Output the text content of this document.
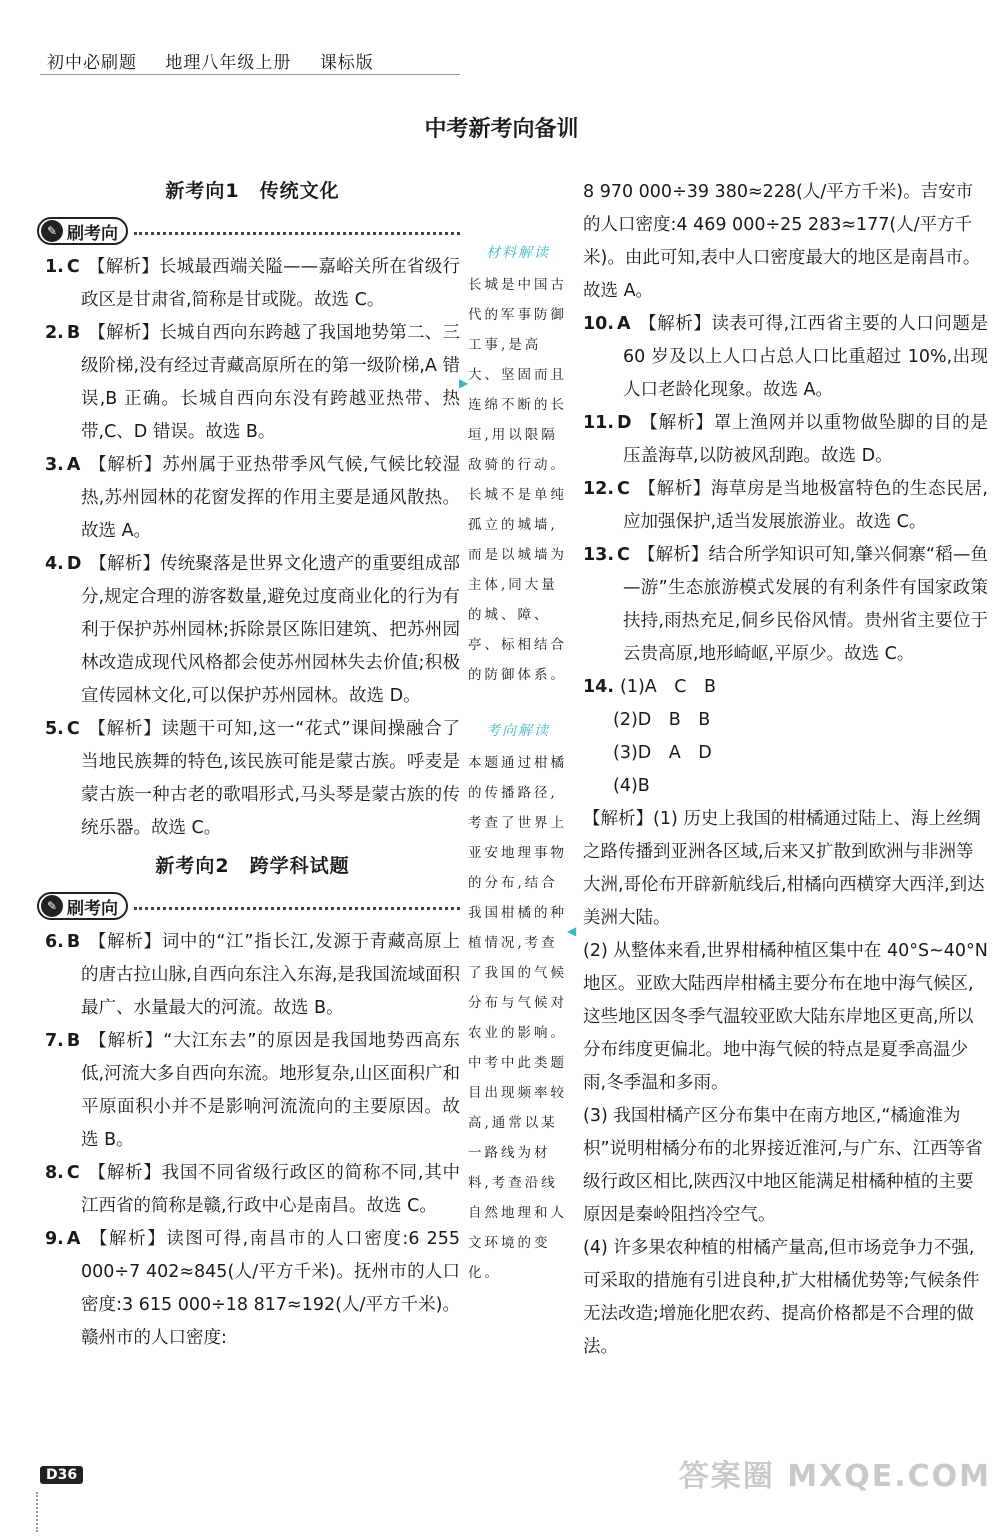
初中必刷题 地理八年级上册 课标版
中考新考向备训
新考向1　传统文化
✎ 刷考向
1. C 【解析】长城最西端关隘——嘉峪关所在省级行政区是甘肃省,简称是甘或陇。故选 C。
2. B 【解析】长城自西向东跨越了我国地势第二、三级阶梯,没有经过青藏高原所在的第一级阶梯,A 错误,B 正确。长城自西向东没有跨越亚热带、热带,C、D 错误。故选 B。
3. A 【解析】苏州属于亚热带季风气候,气候比较湿热,苏州园林的花窗发挥的作用主要是通风散热。故选 A。
4. D 【解析】传统聚落是世界文化遗产的重要组成部分,规定合理的游客数量,避免过度商业化的行为有利于保护苏州园林;拆除景区陈旧建筑、把苏州园林改造成现代风格都会使苏州园林失去价值;积极宣传园林文化,可以保护苏州园林。故选 D。
5. C 【解析】读题干可知,这一“花式”课间操融合了当地民族舞的特色,该民族可能是蒙古族。呼麦是蒙古族一种古老的歌唱形式,马头琴是蒙古族的传统乐器。故选 C。
新考向2　跨学科试题
✎ 刷考向
6. B 【解析】词中的“江”指长江,发源于青藏高原上的唐古拉山脉,自西向东注入东海,是我国流域面积最广、水量最大的河流。故选 B。
7. B 【解析】“大江东去”的原因是我国地势西高东低,河流大多自西向东流。地形复杂,山区面积广和平原面积小并不是影响河流流向的主要原因。故选 B。
8. C 【解析】我国不同省级行政区的简称不同,其中江西省的简称是赣,行政中心是南昌。故选 C。
9. A 【解析】读图可得,南昌市的人口密度:6 255 000÷7 402≈845(人/平方千米)。抚州市的人口密度:3 615 000÷18 817≈192(人/平方千米)。赣州市的人口密度:
材料解读
长城是中国古代的军事防御工事,是高大、坚固而且连绵不断的长垣,用以限隔敌骑的行动。长城不是单纯孤立的城墙,而是以城墙为主体,同大量的城、障、亭、标相结合的防御体系。
考向解读
本题通过柑橘的传播路径,考查了世界上亚安地理事物的分布,结合我国柑橘的种植情况,考查了我国的气候分布与气候对农业的影响。中考中此类题目出现频率较高,通常以某一路线为材料,考查沿线自然地理和人文环境的变化。
▶
◀
8 970 000÷39 380≈228(人/平方千米)。吉安市的人口密度:4 469 000÷25 283≈177(人/平方千米)。由此可知,表中人口密度最大的地区是南昌市。故选 A。
10. A 【解析】读表可得,江西省主要的人口问题是 60 岁及以上人口占总人口比重超过 10%,出现人口老龄化现象。故选 A。
11. D 【解析】罩上渔网并以重物做坠脚的目的是压盖海草,以防被风刮跑。故选 D。
12. C 【解析】海草房是当地极富特色的生态民居,应加强保护,适当发展旅游业。故选 C。
13. C 【解析】结合所学知识可知,肇兴侗寨“稻—鱼—游”生态旅游模式发展的有利条件有国家政策扶持,雨热充足,侗乡民俗风情。贵州省主要位于云贵高原,地形崎岖,平原少。故选 C。
14. (1)A　C　B
(2)D　B　B
(3)D　A　D
(4)B
【解析】(1) 历史上我国的柑橘通过陆上、海上丝绸之路传播到亚洲各区域,后来又扩散到欧洲与非洲等大洲,哥伦布开辟新航线后,柑橘向西横穿大西洋,到达美洲大陆。
(2) 从整体来看,世界柑橘种植区集中在 40°S~40°N 地区。亚欧大陆西岸柑橘主要分布在地中海气候区,这些地区因冬季气温较亚欧大陆东岸地区更高,所以分布纬度更偏北。地中海气候的特点是夏季高温少雨,冬季温和多雨。
(3) 我国柑橘产区分布集中在南方地区,“橘逾淮为枳”说明柑橘分布的北界接近淮河,与广东、江西等省级行政区相比,陕西汉中地区能满足柑橘种植的主要原因是秦岭阻挡冷空气。
(4) 许多果农种植的柑橘产量高,但市场竞争力不强,可采取的措施有引进良种,扩大柑橘优势等;气候条件无法改造;增施化肥农药、提高价格都是不合理的做法。
D36	答案圈 MXQE.COM
